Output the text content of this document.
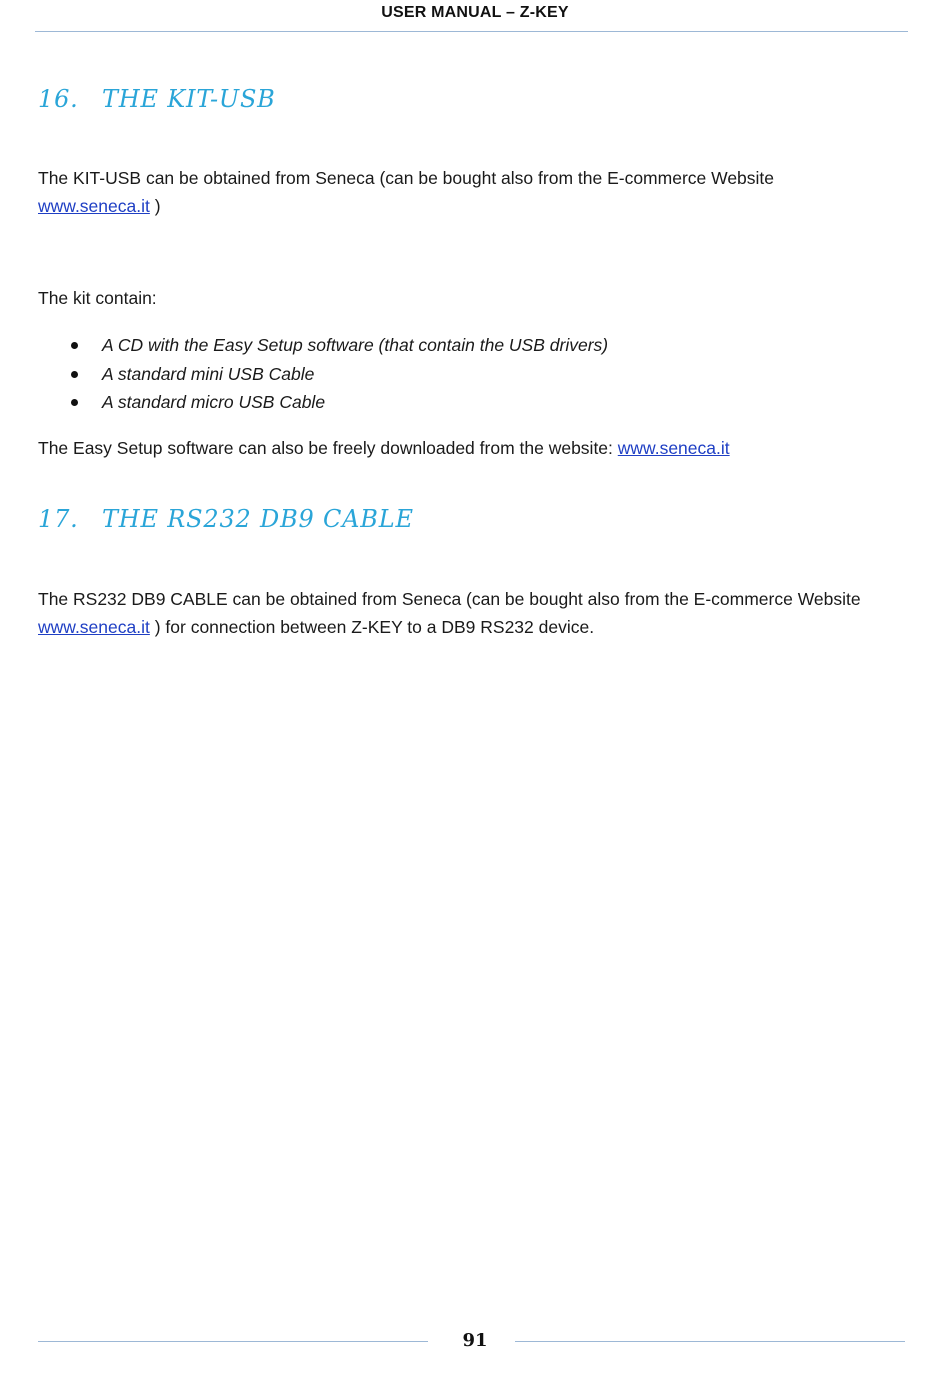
USER MANUAL – Z-KEY
16. THE KIT-USB
The KIT-USB can be obtained from Seneca (can be bought also from the E-commerce Website
www.seneca.it )
The kit contain:
A CD with the Easy Setup software (that contain the USB drivers)
A standard mini USB Cable
A standard micro USB Cable
The Easy Setup software can also be freely downloaded from the website: www.seneca.it
17. THE RS232 DB9 CABLE
The RS232 DB9 CABLE can be obtained from Seneca (can be bought also from the E-commerce Website
www.seneca.it ) for connection between Z-KEY to a DB9 RS232 device.
91
